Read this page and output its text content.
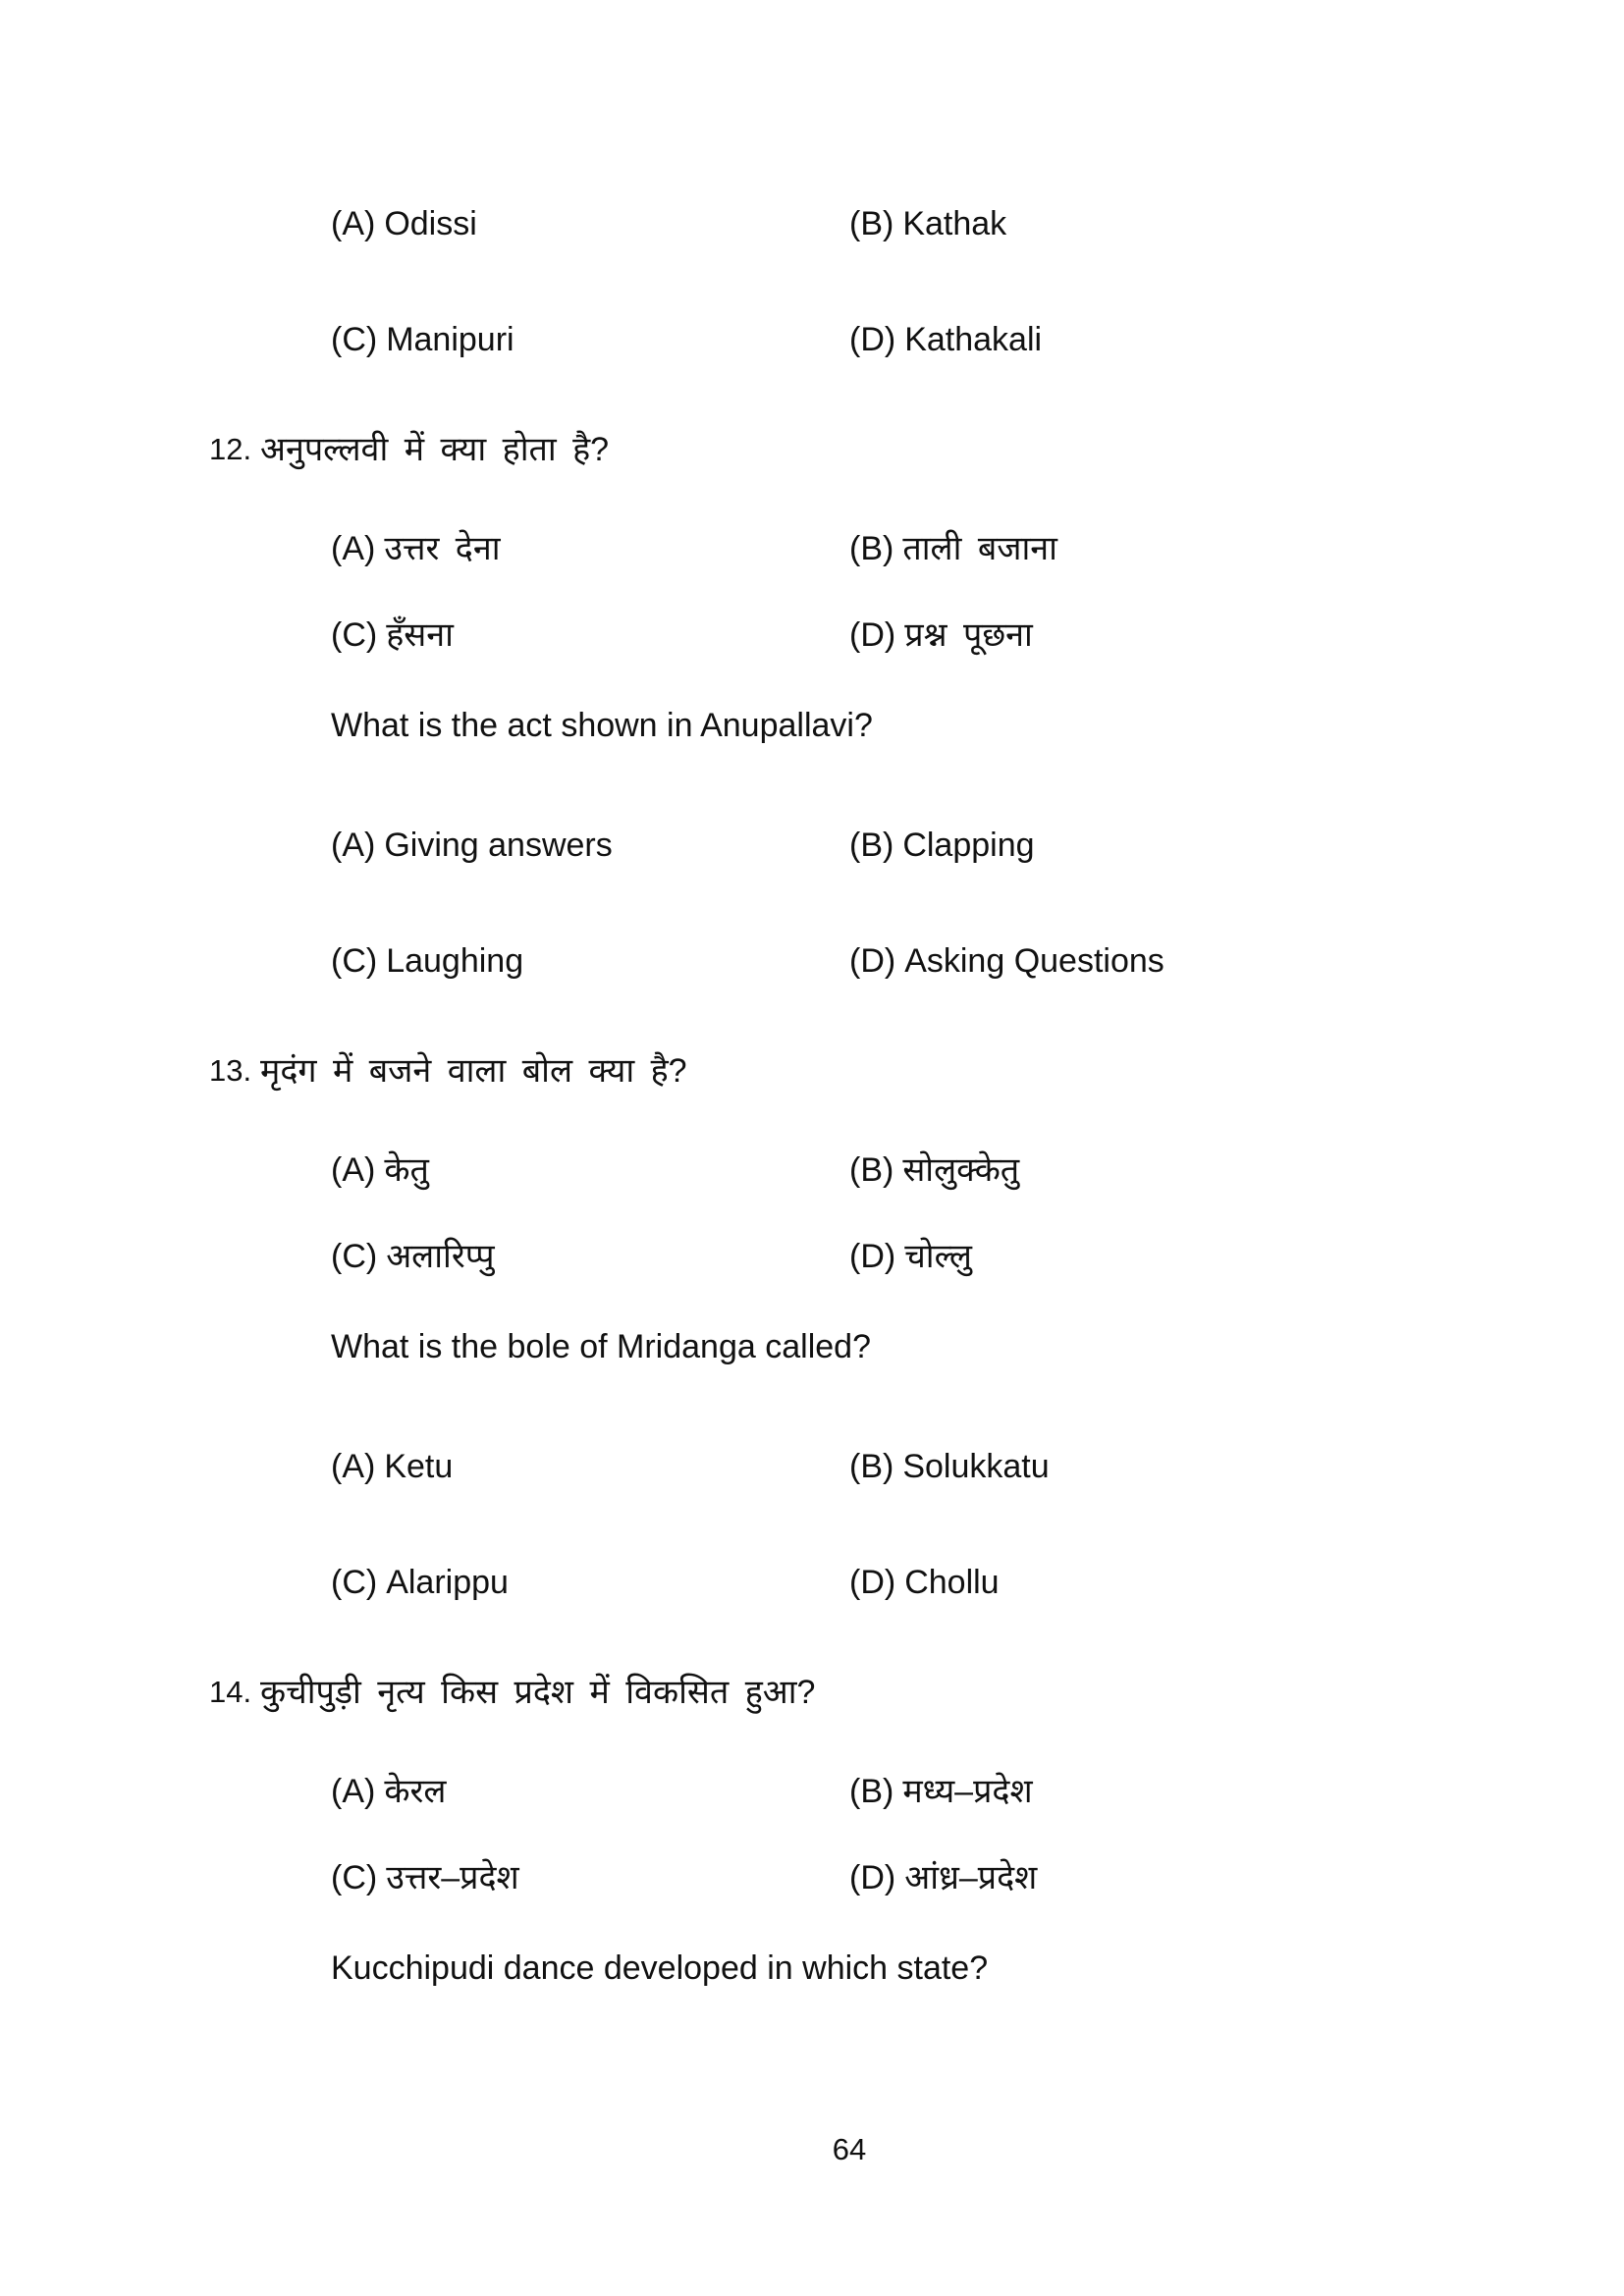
(A) Odissi	(B) Kathak
(C) Manipuri	(D) Kathakali
12. अनुपल्लवी में क्या होता है?
(A) उत्तर देना	(B) ताली बजाना
(C) हँसना	(D) प्रश्न पूछना
What is the act shown in Anupallavi?
(A) Giving answers	(B) Clapping
(C) Laughing	(D) Asking Questions
13. मृदंग में बजने वाला बोल क्या है?
(A) केतु	(B) सोलुक्केतु
(C) अलारिप्पु	(D) चोल्लु
What is the bole of Mridanga called?
(A) Ketu	(B) Solukkatu
(C) Alarippu	(D) Chollu
14. कुचीपुड़ी नृत्य किस प्रदेश में विकसित हुआ?
(A) केरल	(B) मध्य–प्रदेश
(C) उत्तर–प्रदेश	(D) आंध्र–प्रदेश
Kucchipudi dance developed in which state?
64
